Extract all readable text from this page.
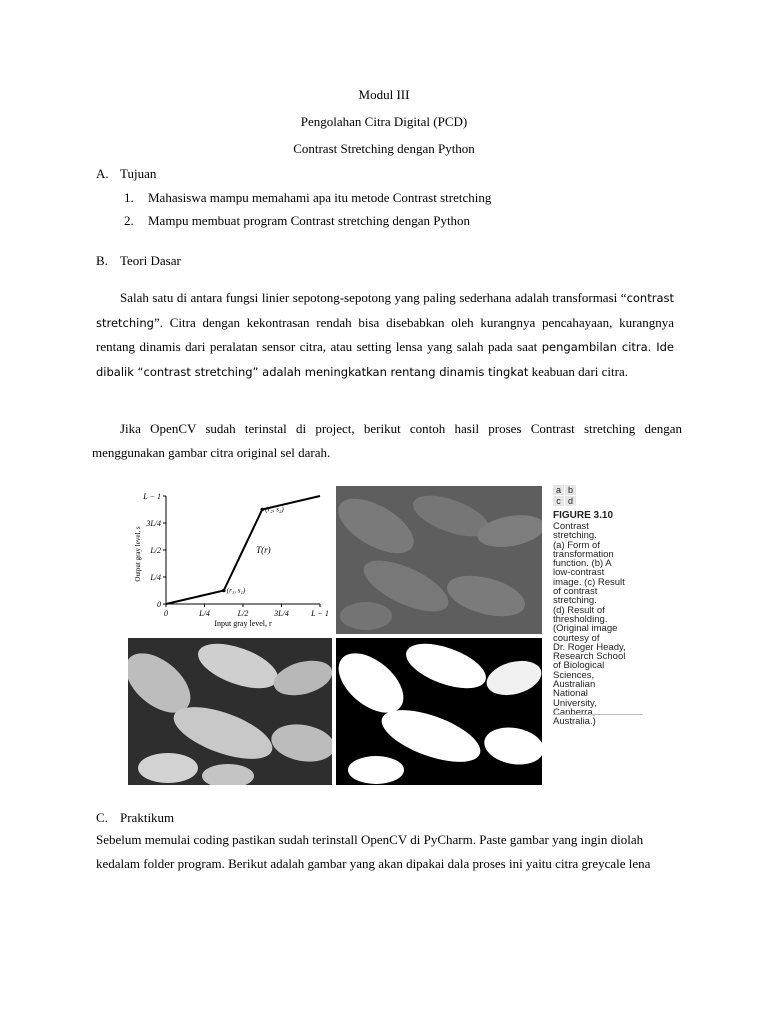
Modul III
Pengolahan Citra Digital (PCD)
Contrast Stretching dengan Python
A. Tujuan
1. Mahasiswa mampu memahami apa itu metode Contrast stretching
2. Mampu membuat program Contrast stretching dengan Python
B. Teori Dasar

Salah satu di antara fungsi linier sepotong-sepotong yang paling sederhana adalah transformasi “contrast stretching”. Citra dengan kekontrasan rendah bisa disebabkan oleh kurangnya pencahayaan, kurangnya rentang dinamis dari peralatan sensor citra, atau setting lensa yang salah pada saat pengambilan citra. Ide dibalik “contrast stretching” adalah meningkatkan rentang dinamis tingkat keabuan dari citra.

Jika OpenCV sudah terinstal di project, berikut contoh hasil proses Contrast stretching dengan menggunakan gambar citra original sel darah.

0
L/4
L/2
3L/4
L − 1
0	L/4	L/2	3L/4	L − 1
T(r)
(r₁, s₁)
(r₂, s₂)
Output gray level, s
Input gray level, r
a b
c d
FIGURE 3.10
Contrast
stretching.
(a) Form of
transformation
function. (b) A
low-contrast
image. (c) Result
of contrast
stretching.
(d) Result of
thresholding.
(Original image
courtesy of
Dr. Roger Heady,
Research School
of Biological
Sciences,
Australian
National
University,
Canberra,
Australia.)
C. Praktikum

Sebelum memulai coding pastikan sudah terinstall OpenCV di PyCharm. Paste gambar yang ingin diolah kedalam folder program. Berikut adalah gambar yang akan dipakai dala proses ini yaitu citra greycale lena
